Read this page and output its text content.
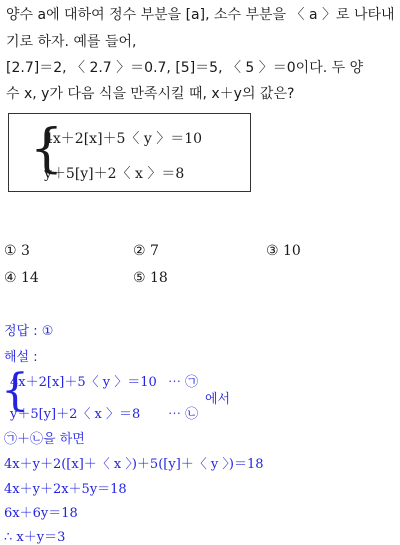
양수 a에 대하여 정수 부분을 [a], 소수 부분을 〈 a 〉로 나타내
기로 하자. 예를 들어,
[2.7]＝2, 〈 2.7 〉＝0.7, [5]＝5, 〈 5 〉＝0이다. 두 양
수 x, y가 다음 식을 만족시킬 때, x＋y의 값은?
{
4x＋2[x]＋5〈 y 〉＝10
y＋5[y]＋2〈 x 〉＝8
① 3	② 7	③ 10
④ 14	⑤ 18
정답 : ①
해설 :
{
4x＋2[x]＋5〈 y 〉＝10 ⋯ ㉠
y＋5[y]＋2〈 x 〉＝8 ⋯ ㉡
에서
㉠＋㉡을 하면
4x＋y＋2([x]＋〈 x 〉)＋5([y]＋〈 y 〉)＝18
4x＋y＋2x＋5y＝18
6x＋6y＝18
∴ x＋y＝3
